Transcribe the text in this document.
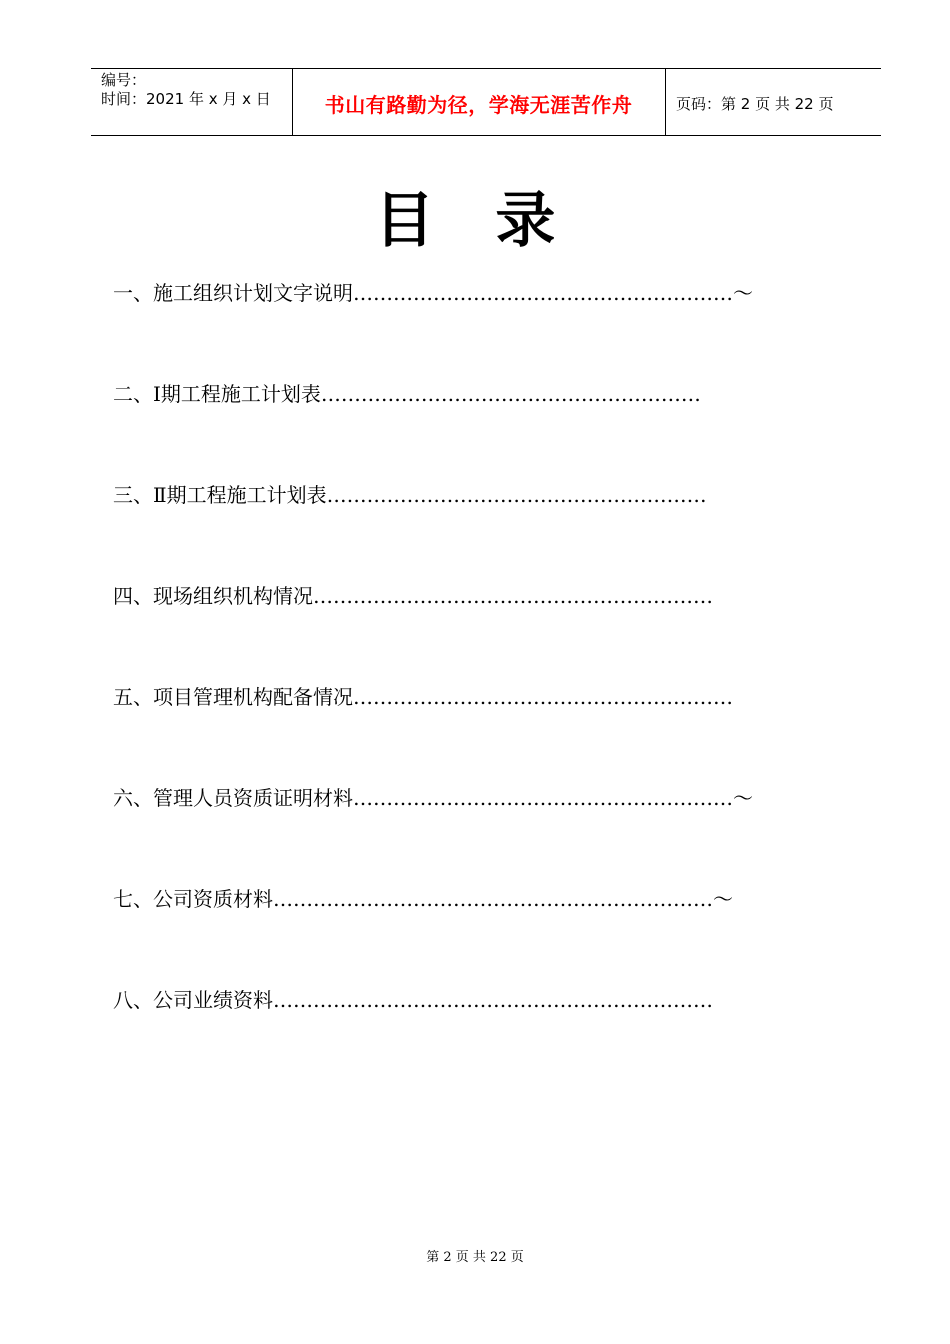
编号：
时间：2021 年 x 月 x 日	书山有路勤为径，学海无涯苦作舟	页码：第 2 页 共 22 页
目 录
一、施工组织计划文字说明…………………………………………………～
二、Ⅰ期工程施工计划表…………………………………………………
三、Ⅱ期工程施工计划表…………………………………………………
四、现场组织机构情况……………………………………………………
五、项目管理机构配备情况…………………………………………………
六、管理人员资质证明材料…………………………………………………～
七、公司资质材料…………………………………………………………～
八、公司业绩资料…………………………………………………………
第 2 页 共 22 页
